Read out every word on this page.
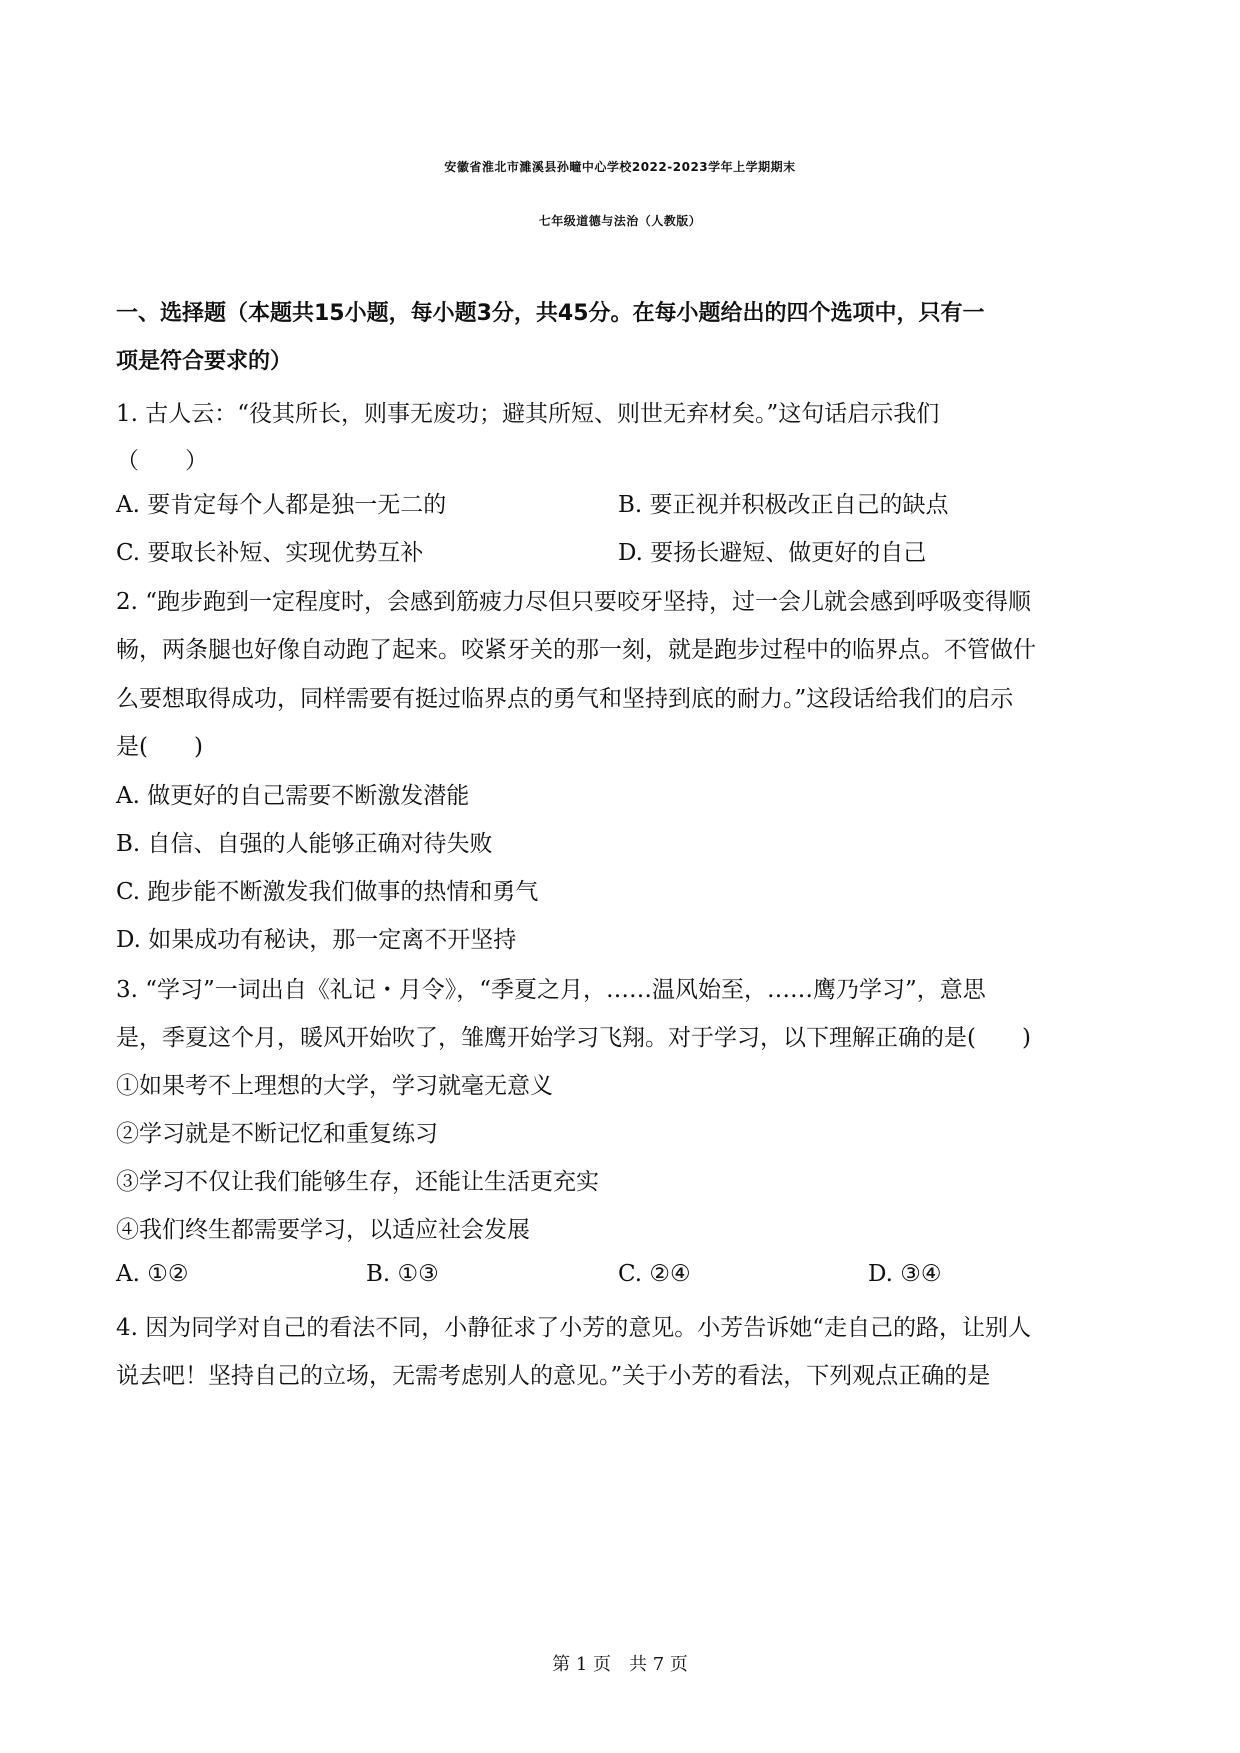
安徽省淮北市濉溪县孙疃中心学校2022-2023学年上学期期末
七年级道德与法治（人教版）
一、选择题（本题共15小题，每小题3分，共45分。在每小题给出的四个选项中，只有一
项是符合要求的）
1. 古人云：“役其所长，则事无废功；避其所短、则世无弃材矣。”这句话启示我们
（　　）
A. 要肯定每个人都是独一无二的	B. 要正视并积极改正自己的缺点
C. 要取长补短、实现优势互补	D. 要扬长避短、做更好的自己
2. “跑步跑到一定程度时，会感到筋疲力尽但只要咬牙坚持，过一会儿就会感到呼吸变得顺
畅，两条腿也好像自动跑了起来。咬紧牙关的那一刻，就是跑步过程中的临界点。不管做什
么要想取得成功，同样需要有挺过临界点的勇气和坚持到底的耐力。”这段话给我们的启示
是(　　)
A. 做更好的自己需要不断激发潜能
B. 自信、自强的人能够正确对待失败
C. 跑步能不断激发我们做事的热情和勇气
D. 如果成功有秘诀，那一定离不开坚持
3. “学习”一词出自《礼记・月令》，“季夏之月，……温风始至，……鹰乃学习”，意思
是，季夏这个月，暖风开始吹了，雏鹰开始学习飞翔。对于学习，以下理解正确的是(　　)
①如果考不上理想的大学，学习就毫无意义
②学习就是不断记忆和重复练习
③学习不仅让我们能够生存，还能让生活更充实
④我们终生都需要学习，以适应社会发展
A. ①②	B. ①③	C. ②④	D. ③④
4. 因为同学对自己的看法不同，小静征求了小芳的意见。小芳告诉她“走自己的路，让别人
说去吧！坚持自己的立场，无需考虑别人的意见。”关于小芳的看法，下列观点正确的是
第 1 页　共 7 页
